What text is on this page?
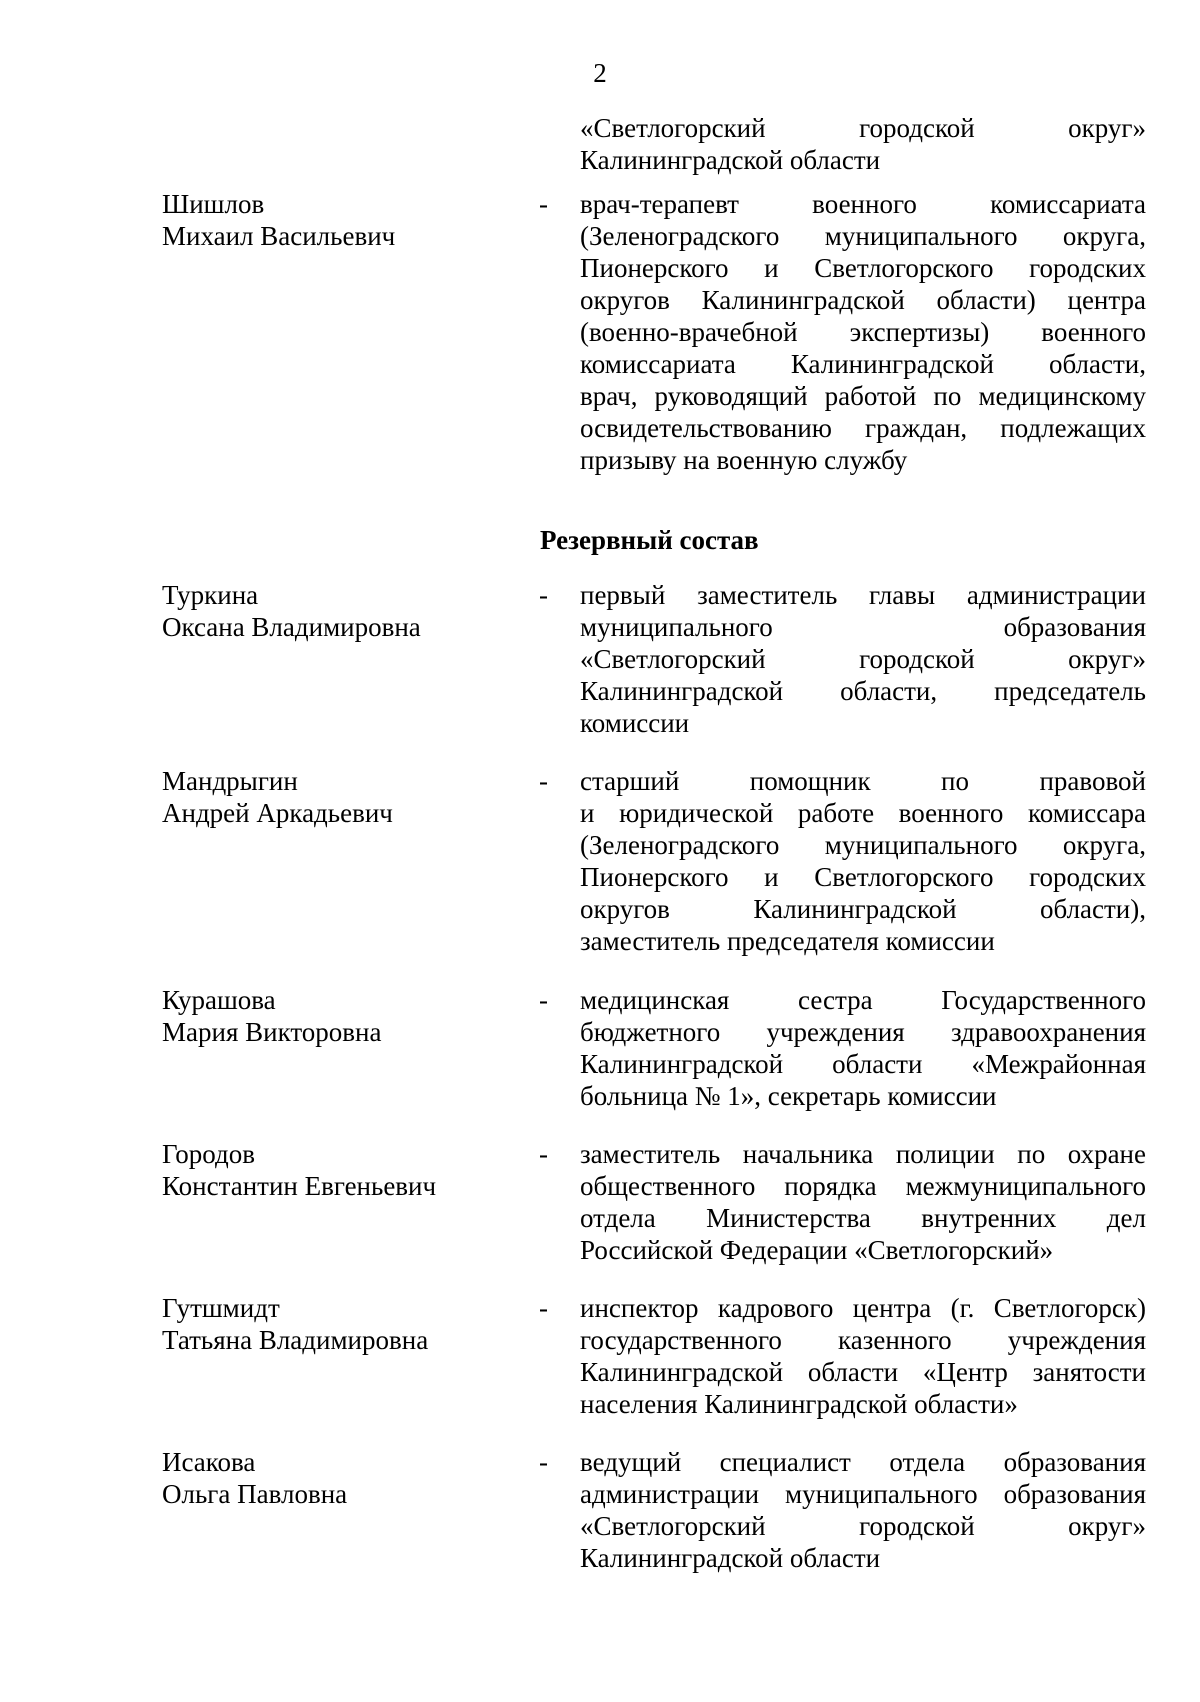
2
«Светлогорский городской округ»
Калининградской области
Шишлов
Михаил Васильевич
- врач-терапевт военного комиссариата
(Зеленоградского муниципального округа,
Пионерского и Светлогорского городских
округов Калининградской области) центра
(военно-врачебной экспертизы) военного
комиссариата Калининградской области,
врач, руководящий работой по медицинскому
освидетельствованию граждан, подлежащих
призыву на военную службу
Резервный состав
Туркина
Оксана Владимировна
- первый заместитель главы администрации
муниципального образования
«Светлогорский городской округ»
Калининградской области, председатель
комиссии
Мандрыгин
Андрей Аркадьевич
- старший помощник по правовой
и юридической работе военного комиссара
(Зеленоградского муниципального округа,
Пионерского и Светлогорского городских
округов Калининградской области),
заместитель председателя комиссии
Курашова
Мария Викторовна
- медицинская сестра Государственного
бюджетного учреждения здравоохранения
Калининградской области «Межрайонная
больница № 1», секретарь комиссии
Городов
Константин Евгеньевич
- заместитель начальника полиции по охране
общественного порядка межмуниципального
отдела Министерства внутренних дел
Российской Федерации «Светлогорский»
Гутшмидт
Татьяна Владимировна
- инспектор кадрового центра (г. Светлогорск)
государственного казенного учреждения
Калининградской области «Центр занятости
населения Калининградской области»
Исакова
Ольга Павловна
- ведущий специалист отдела образования
администрации муниципального образования
«Светлогорский городской округ»
Калининградской области
